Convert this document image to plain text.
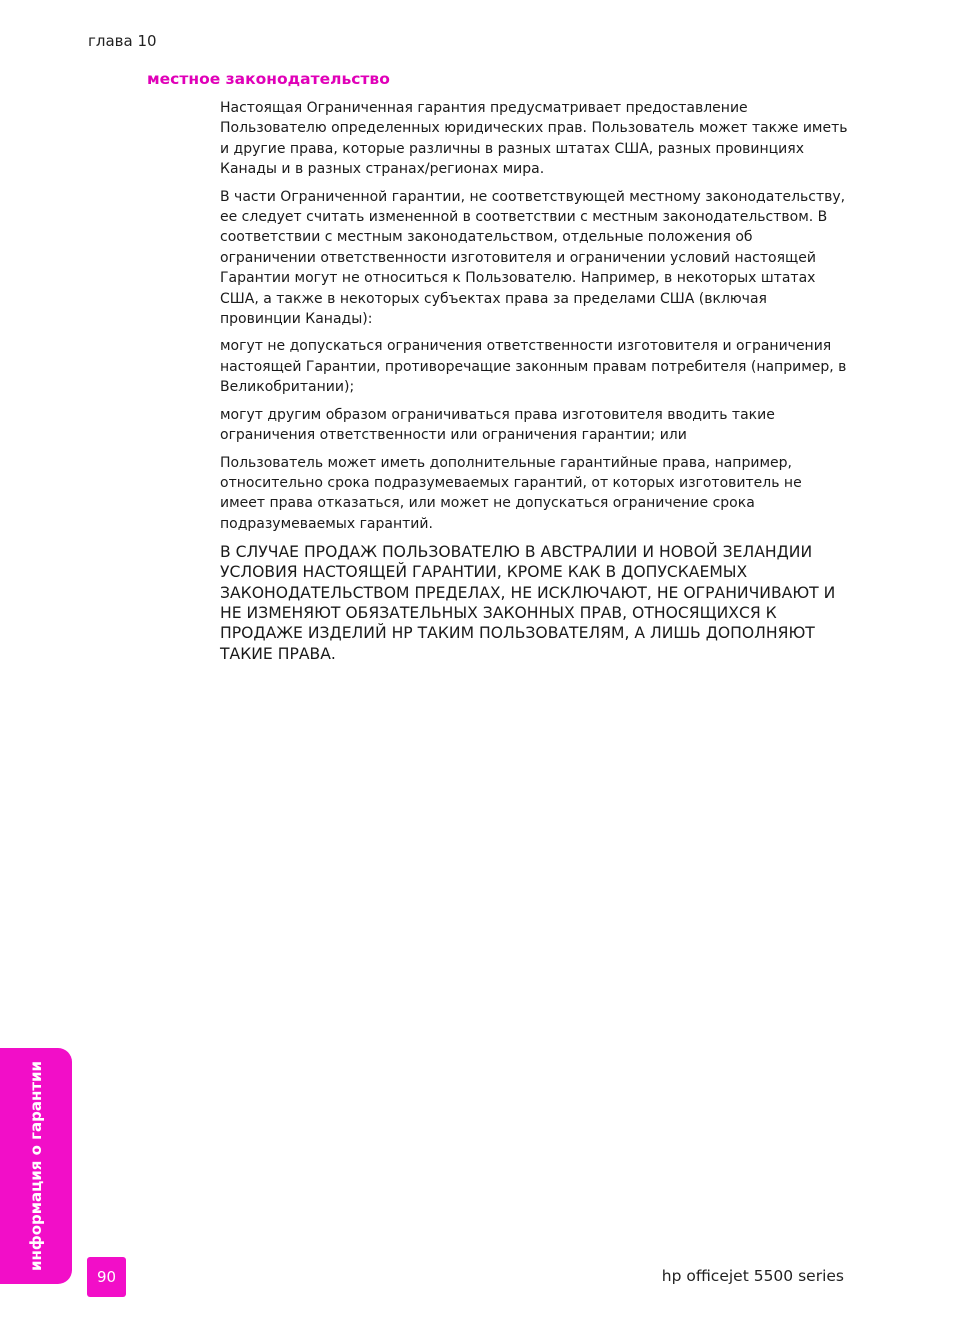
глава 10
местное законодательство

Настоящая Ограниченная гарантия предусматривает предоставление Пользователю определенных юридических прав. Пользователь может также иметь и другие права, которые различны в разных штатах США, разных провинциях Канады и в разных странах/регионах мира.

В части Ограниченной гарантии, не соответствующей местному законодательству, ее следует считать измененной в соответствии с местным законодательством. В соответствии с местным законодательством, отдельные положения об ограничении ответственности изготовителя и ограничении условий настоящей Гарантии могут не относиться к Пользователю. Например, в некоторых штатах США, а также в некоторых субъектах права за пределами США (включая провинции Канады):

могут не допускаться ограничения ответственности изготовителя и ограничения настоящей Гарантии, противоречащие законным правам потребителя (например, в Великобритании);

могут другим образом ограничиваться права изготовителя вводить такие ограничения ответственности или ограничения гарантии; или

Пользователь может иметь дополнительные гарантийные права, например, относительно срока подразумеваемых гарантий, от которых изготовитель не имеет права отказаться, или может не допускаться ограничение срока подразумеваемых гарантий.

В СЛУЧАЕ ПРОДАЖ ПОЛЬЗОВАТЕЛЮ В АВСТРАЛИИ И НОВОЙ ЗЕЛАНДИИ УСЛОВИЯ НАСТОЯЩЕЙ ГАРАНТИИ, КРОМЕ КАК В ДОПУСКАЕМЫХ ЗАКОНОДАТЕЛЬСТВОМ ПРЕДЕЛАХ, НЕ ИСКЛЮЧАЮТ, НЕ ОГРАНИЧИВАЮТ И НЕ ИЗМЕНЯЮТ ОБЯЗАТЕЛЬНЫХ ЗАКОННЫХ ПРАВ, ОТНОСЯЩИХСЯ К ПРОДАЖЕ ИЗДЕЛИЙ HP ТАКИМ ПОЛЬЗОВАТЕЛЯМ, А ЛИШЬ ДОПОЛНЯЮТ ТАКИЕ ПРАВА.

информация о гарантии
90	hp officejet 5500 series
